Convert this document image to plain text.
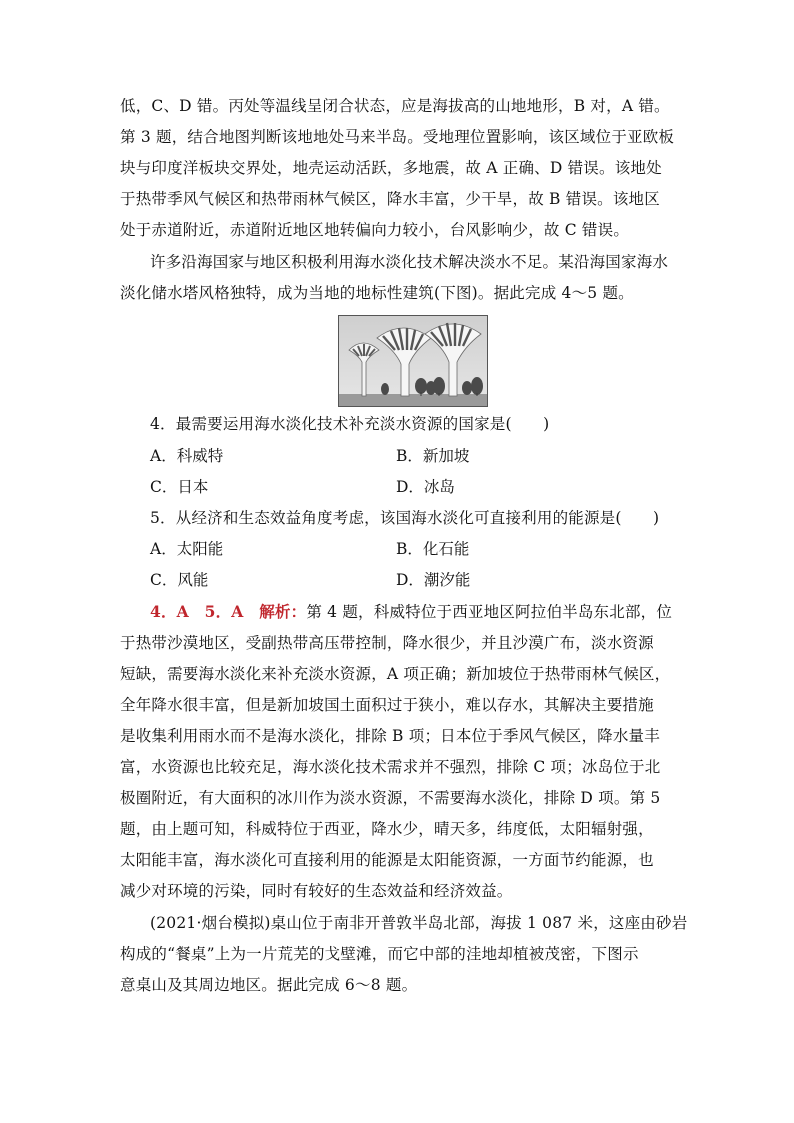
低，C、D 错。丙处等温线呈闭合状态，应是海拔高的山地地形，B 对，A 错。
第 3 题，结合地图判断该地地处马来半岛。受地理位置影响，该区域位于亚欧板
块与印度洋板块交界处，地壳运动活跃，多地震，故 A 正确、D 错误。该地处
于热带季风气候区和热带雨林气候区，降水丰富，少干旱，故 B 错误。该地区
处于赤道附近，赤道附近地区地转偏向力较小，台风影响少，故 C 错误。
许多沿海国家与地区积极利用海水淡化技术解决淡水不足。某沿海国家海水
淡化储水塔风格独特，成为当地的地标性建筑(下图)。据此完成 4～5 题。
4．最需要运用海水淡化技术补充淡水资源的国家是(　　)
A．科威特	B．新加坡
C．日本	D．冰岛
5．从经济和生态效益角度考虑，该国海水淡化可直接利用的能源是(　　)
A．太阳能	B．化石能
C．风能	D．潮汐能
4．A　5．A　解析：第 4 题，科威特位于西亚地区阿拉伯半岛东北部，位
于热带沙漠地区，受副热带高压带控制，降水很少，并且沙漠广布，淡水资源
短缺，需要海水淡化来补充淡水资源，A 项正确；新加坡位于热带雨林气候区，
全年降水很丰富，但是新加坡国土面积过于狭小，难以存水，其解决主要措施
是收集利用雨水而不是海水淡化，排除 B 项；日本位于季风气候区，降水量丰
富，水资源也比较充足，海水淡化技术需求并不强烈，排除 C 项；冰岛位于北
极圈附近，有大面积的冰川作为淡水资源，不需要海水淡化，排除 D 项。第 5
题，由上题可知，科威特位于西亚，降水少，晴天多，纬度低，太阳辐射强，
太阳能丰富，海水淡化可直接利用的能源是太阳能资源，一方面节约能源，也
减少对环境的污染，同时有较好的生态效益和经济效益。
(2021·烟台模拟)桌山位于南非开普敦半岛北部，海拔 1 087 米，这座由砂岩
构成的“餐桌”上为一片荒芜的戈壁滩，而它中部的洼地却植被茂密，下图示
意桌山及其周边地区。据此完成 6～8 题。
